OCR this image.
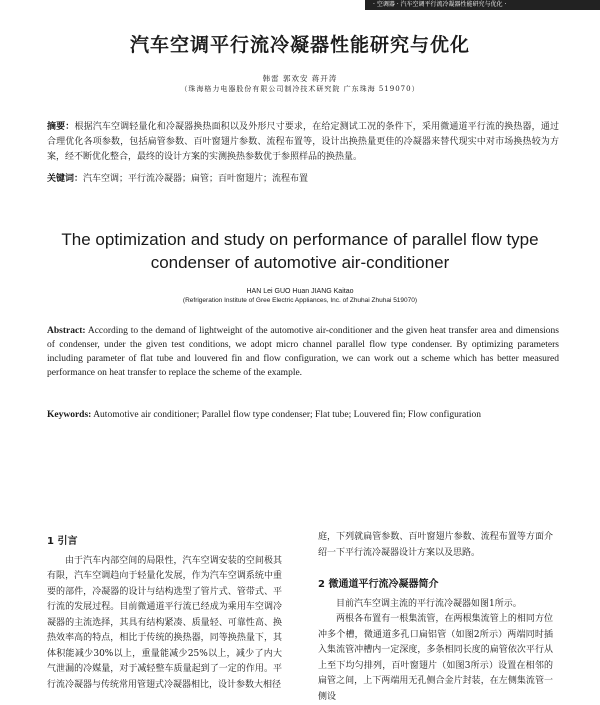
· 空调器 · 汽车空调平行流冷凝器性能研究与优化 ·
汽车空调平行流冷凝器性能研究与优化
韩雷 郭欢安 蒋开涛
（珠海格力电器股份有限公司制冷技术研究院 广东珠海 519070）
摘要：根据汽车空调轻量化和冷凝器换热面积以及外形尺寸要求，在给定测试工况的条件下，采用微通道平行流的换热器，通过合理优化各项参数，包括扁管参数、百叶窗翅片参数、流程布置等，设计出换热量更佳的冷凝器来替代现实中对市场换热较为方案，经不断优化整合，最终的设计方案的实测换热参数优于参照样品的换热量。
关键词：汽车空调；平行流冷凝器；扁管；百叶窗翅片；流程布置
The optimization and study on performance of parallel flow type condenser of automotive air-conditioner
HAN Lei GUO Huan JIANG Kaitao
(Refrigeration Institute of Gree Electric Appliances, Inc. of Zhuhai Zhuhai 519070)
Abstract: According to the demand of lightweight of the automotive air-conditioner and the given heat transfer area and dimensions of condenser, under the given test conditions, we adopt micro channel parallel flow type condenser. By optimizing parameters including parameter of flat tube and louvered fin and flow configuration, we can work out a scheme which has better measured performance on heat transfer to replace the scheme of the example.
Keywords: Automotive air conditioner; Parallel flow type condenser; Flat tube; Louvered fin; Flow configuration

1 引言

由于汽车内部空间的局限性，汽车空调安装的空间极其有限，汽车空调趋向于轻量化发展，作为汽车空调系统中重要的部件，冷凝器的设计与结构选型了管片式、管带式、平行流的发展过程。目前微通道平行流已经成为乘用车空调冷凝器的主流选择，其具有结构紧凑、质量轻、可靠性高、换热效率高的特点，相比于传统的换热器，同等换热量下，其体积能减少30%以上，重量能减少25%以上，减少了内大气泄漏的冷媒量，对于减轻整车质量起到了一定的作用。平行流冷凝器与传统常用管翅式冷凝器相比，设计参数大相径

庭，下列就扁管参数、百叶窗翅片参数、流程布置等方面介绍一下平行流冷凝器设计方案以及思路。

2 微通道平行流冷凝器简介

目前汽车空调主流的平行流冷凝器如图1所示。

两根各布置有一根集流管，在两根集流管上的相同方位冲多个槽，微通道多孔口扁铝管（如图2所示）两端同时插入集流管冲槽内一定深度，多条相同长度的扁管依次平行从上至下均匀排列，百叶窗翅片（如图3所示）设置在相邻的扁管之间，上下两端用无孔侧合金片封装，在左侧集流管一侧设
